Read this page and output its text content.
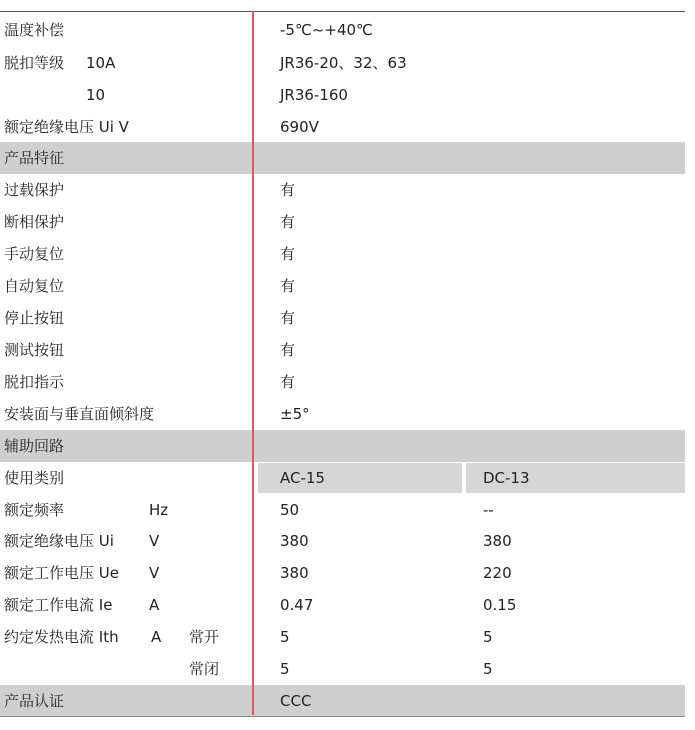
温度补偿	-5℃~+40℃
脱扣等级 10A	JR36-20、32、63
10	JR36-160
额定绝缘电压 Ui V	690V
产品特征
过载保护	有
断相保护	有
手动复位	有
自动复位	有
停止按钮	有
测试按钮	有
脱扣指示	有
安装面与垂直面倾斜度	±5°
辅助回路
使用类别	AC-15	DC-13
额定频率	Hz	50	--
额定绝缘电压 Ui V	380	380
额定工作电压 Ue V	380	220
额定工作电流 Ie A	0.47	0.15
约定发热电流 Ith A 常开	5	5
常闭	5	5
产品认证	CCC
